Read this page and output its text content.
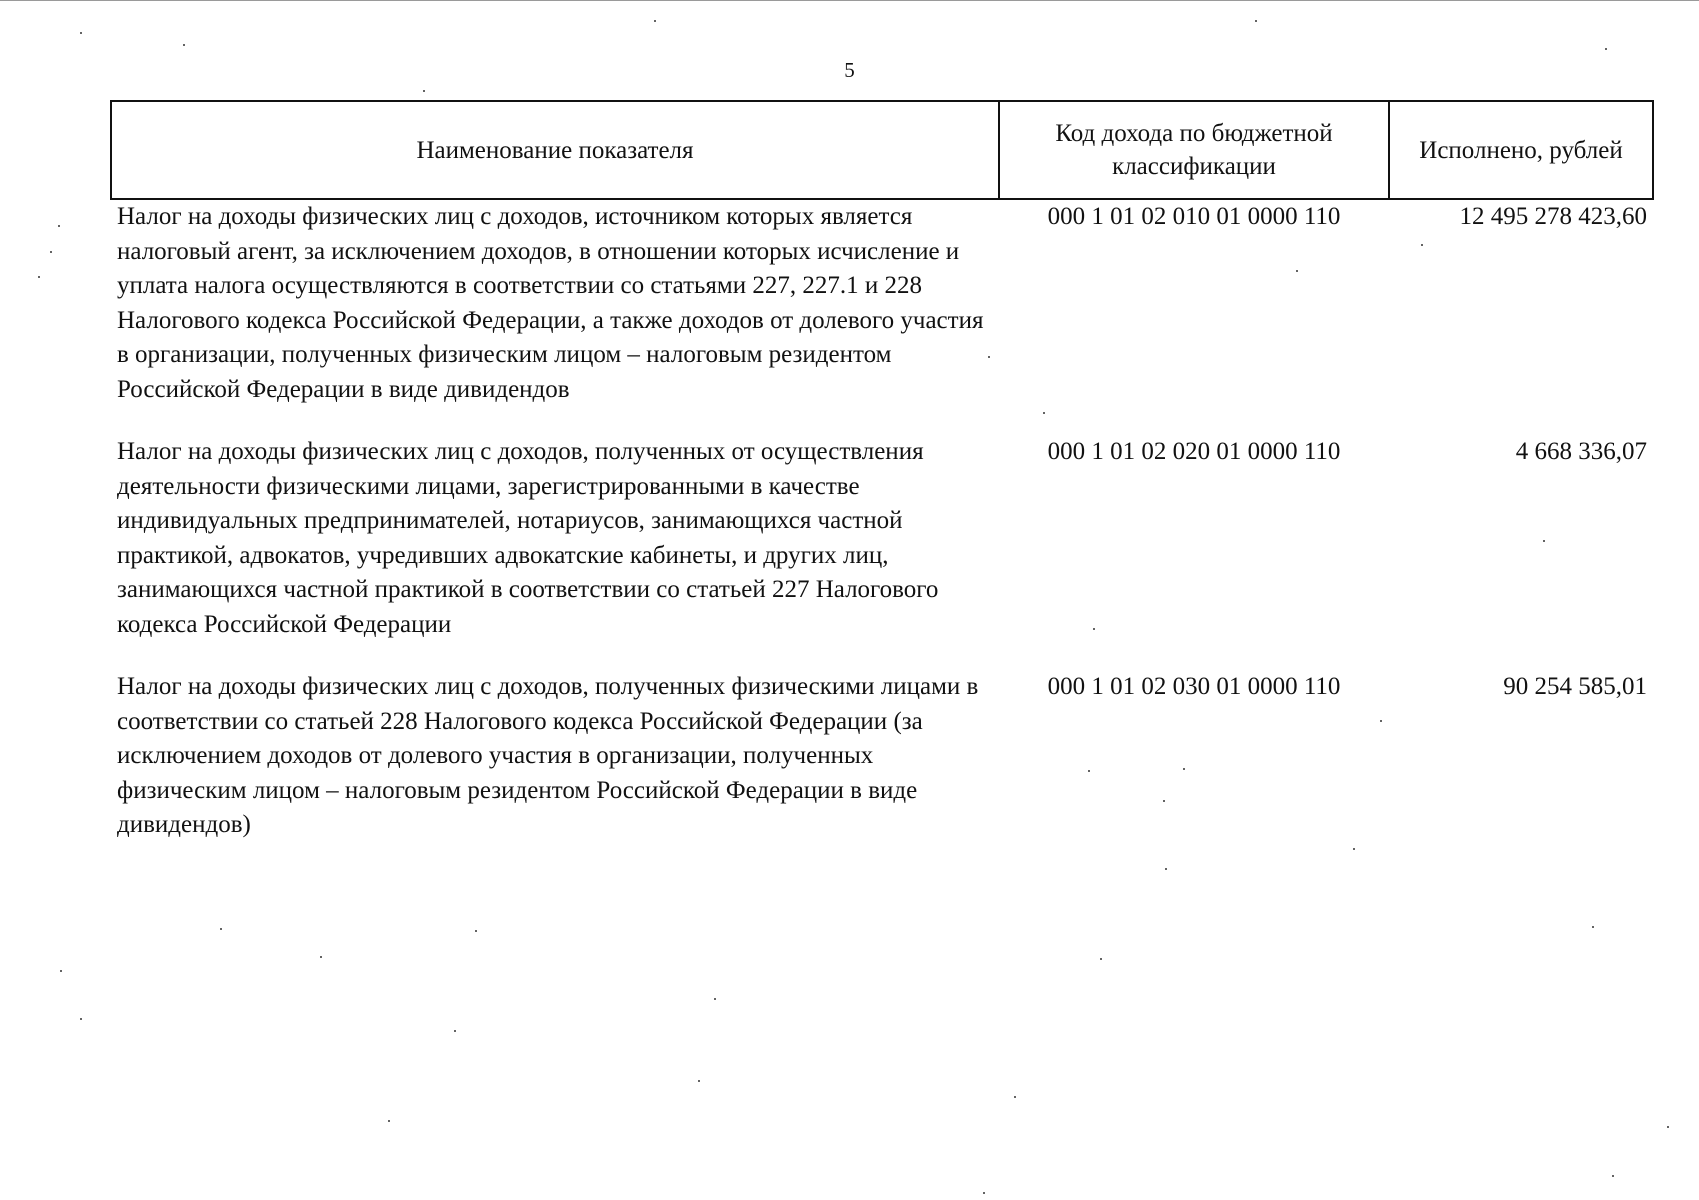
5
Наименование показателя	Код дохода по бюджетной классификации	Исполнено, рублей
Налог на доходы физических лиц с доходов, источником которых является налоговый агент, за исключением доходов, в отношении которых исчисление и уплата налога осуществляются в соответствии со статьями 227, 227.1 и 228 Налогового кодекса Российской Федерации, а также доходов от долевого участия в организации, полученных физическим лицом – налоговым резидентом Российской Федерации в виде дивидендов	000 1 01 02 010 01 0000 110	12 495 278 423,60
Налог на доходы физических лиц с доходов, полученных от осуществления деятельности физическими лицами, зарегистрированными в качестве индивидуальных предпринимателей, нотариусов, занимающихся частной практикой, адвокатов, учредивших адвокатские кабинеты, и других лиц, занимающихся частной практикой в соответствии со статьей 227 Налогового кодекса Российской Федерации	000 1 01 02 020 01 0000 110	4 668 336,07
Налог на доходы физических лиц с доходов, полученных физическими лицами в соответствии со статьей 228 Налогового кодекса Российской Федерации (за исключением доходов от долевого участия в организации, полученных физическим лицом – налоговым резидентом Российской Федерации в виде дивидендов)	000 1 01 02 030 01 0000 110	90 254 585,01
